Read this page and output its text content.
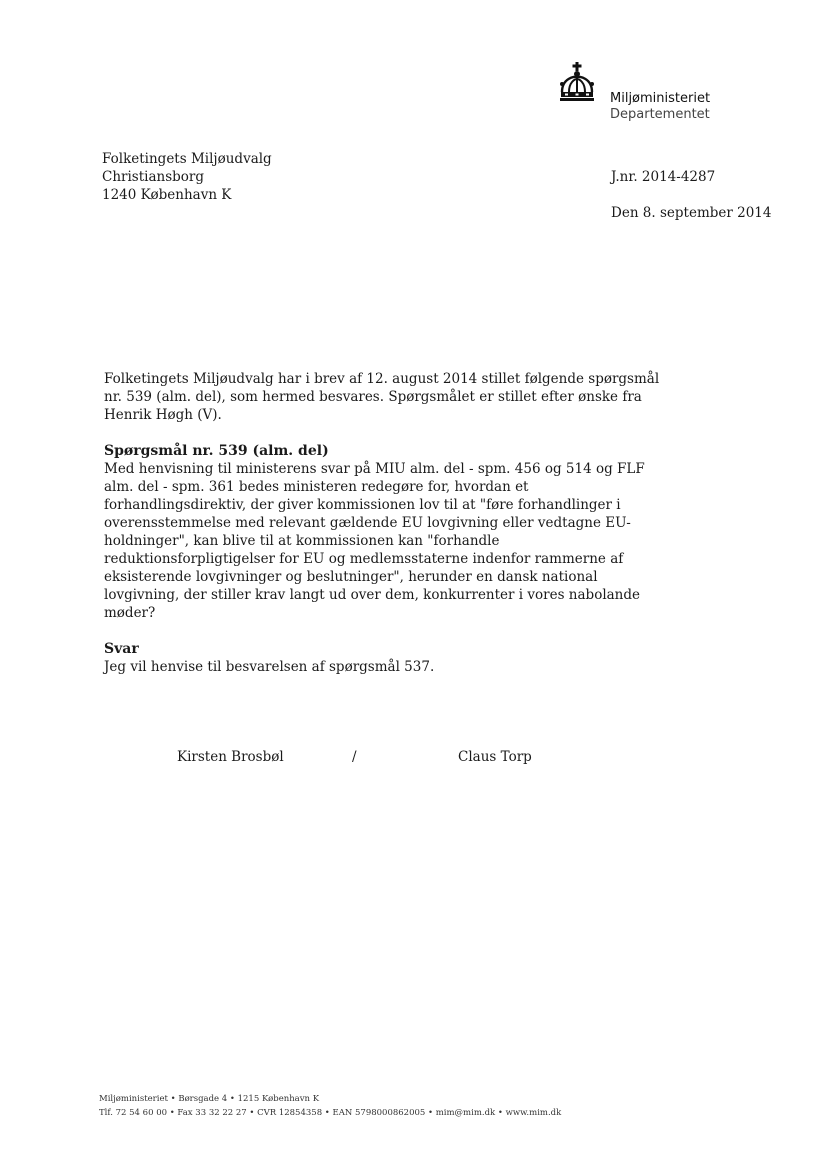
Miljøministeriet
Departementet
Folketingets Miljøudvalg
Christiansborg
1240 København K
J.nr. 2014-4287
Den 8. september 2014
Folketingets Miljøudvalg har i brev af 12. august 2014 stillet følgende spørgsmål
nr. 539 (alm. del), som hermed besvares. Spørgsmålet er stillet efter ønske fra
Henrik Høgh (V).
Spørgsmål nr. 539 (alm. del)
Med henvisning til ministerens svar på MIU alm. del - spm. 456 og 514 og FLF
alm. del - spm. 361 bedes ministeren redegøre for, hvordan et
forhandlingsdirektiv, der giver kommissionen lov til at "føre forhandlinger i
overensstemmelse med relevant gældende EU lovgivning eller vedtagne EU-
holdninger", kan blive til at kommissionen kan "forhandle
reduktionsforpligtigelser for EU og medlemsstaterne indenfor rammerne af
eksisterende lovgivninger og beslutninger", herunder en dansk national
lovgivning, der stiller krav langt ud over dem, konkurrenter i vores nabolande
møder?
Svar
Jeg vil henvise til besvarelsen af spørgsmål 537.
Kirsten Brosbøl	/	Claus Torp
Miljøministeriet • Børsgade 4 • 1215 København K
Tlf. 72 54 60 00 • Fax 33 32 22 27 • CVR 12854358 • EAN 5798000862005 • mim@mim.dk • www.mim.dk
